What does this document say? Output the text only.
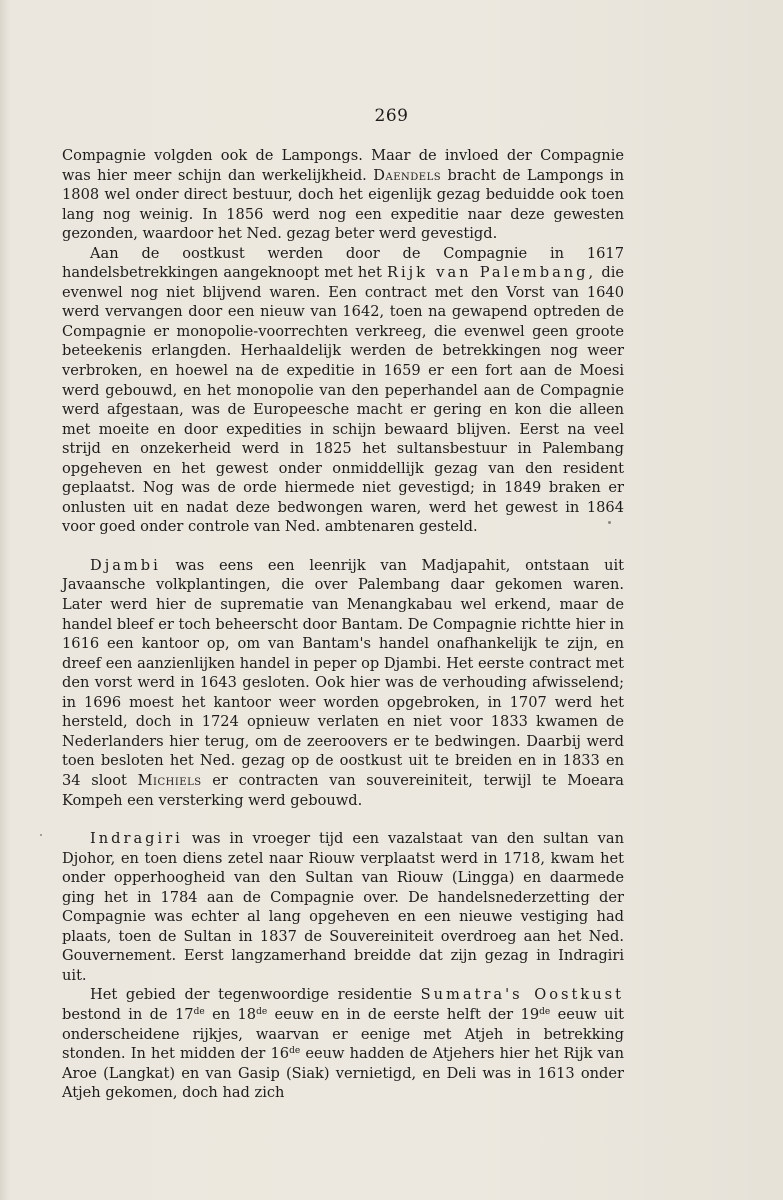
269

Compagnie volgden ook de Lampongs. Maar de invloed der Compagnie was hier meer schijn dan werkelijkheid. Daendels bracht de Lampongs in 1808 wel onder direct bestuur, doch het eigenlijk gezag beduidde ook toen lang nog weinig. In 1856 werd nog een expeditie naar deze gewesten gezonden, waardoor het Ned. gezag beter werd gevestigd.

Aan de oostkust werden door de Compagnie in 1617 handelsbetrekkingen aangeknoopt met het Rijk van Palembang, die evenwel nog niet blijvend waren. Een contract met den Vorst van 1640 werd vervangen door een nieuw van 1642, toen na gewapend optreden de Compagnie er monopolie-voorrechten verkreeg, die evenwel geen groote beteekenis erlangden. Herhaaldelijk werden de betrekkingen nog weer verbroken, en hoewel na de expeditie in 1659 er een fort aan de Moesi werd gebouwd, en het monopolie van den peperhandel aan de Compagnie werd afgestaan, was de Europeesche macht er gering en kon die alleen met moeite en door expedities in schijn bewaard blijven. Eerst na veel strijd en onzekerheid werd in 1825 het sultansbestuur in Palembang opgeheven en het gewest onder onmiddellijk gezag van den resident geplaatst. Nog was de orde hiermede niet gevestigd; in 1849 braken er onlusten uit en nadat deze bedwongen waren, werd het gewest in 1864 voor goed onder controle van Ned. ambtenaren gesteld.

Djambi was eens een leenrijk van Madjapahit, ontstaan uit Javaansche volkplantingen, die over Palembang daar gekomen waren. Later werd hier de suprematie van Menangkabau wel erkend, maar de handel bleef er toch beheerscht door Bantam. De Compagnie richtte hier in 1616 een kantoor op, om van Bantam's handel onafhankelijk te zijn, en dreef een aanzienlijken handel in peper op Djambi. Het eerste contract met den vorst werd in 1643 gesloten. Ook hier was de verhouding afwisselend; in 1696 moest het kantoor weer worden opgebroken, in 1707 werd het hersteld, doch in 1724 opnieuw verlaten en niet voor 1833 kwamen de Nederlanders hier terug, om de zeeroovers er te bedwingen. Daarbij werd toen besloten het Ned. gezag op de oostkust uit te breiden en in 1833 en 34 sloot Michiels er contracten van souvereiniteit, terwijl te Moeara Kompeh een versterking werd gebouwd.

Indragiri was in vroeger tijd een vazalstaat van den sultan van Djohor, en toen diens zetel naar Riouw verplaatst werd in 1718, kwam het onder opperhoogheid van den Sultan van Riouw (Lingga) en daarmede ging het in 1784 aan de Compagnie over. De handelsnederzetting der Compagnie was echter al lang opgeheven en een nieuwe vestiging had plaats, toen de Sultan in 1837 de Souvereiniteit overdroeg aan het Ned. Gouvernement. Eerst langzamerhand breidde dat zijn gezag in Indragiri uit.

Het gebied der tegenwoordige residentie Sumatra's Oostkust bestond in de 17de en 18de eeuw en in de eerste helft der 19de eeuw uit onderscheidene rijkjes, waarvan er eenige met Atjeh in betrekking stonden. In het midden der 16de eeuw hadden de Atjehers hier het Rijk van Aroe (Langkat) en van Gasip (Siak) vernietigd, en Deli was in 1613 onder Atjeh gekomen, doch had zich
